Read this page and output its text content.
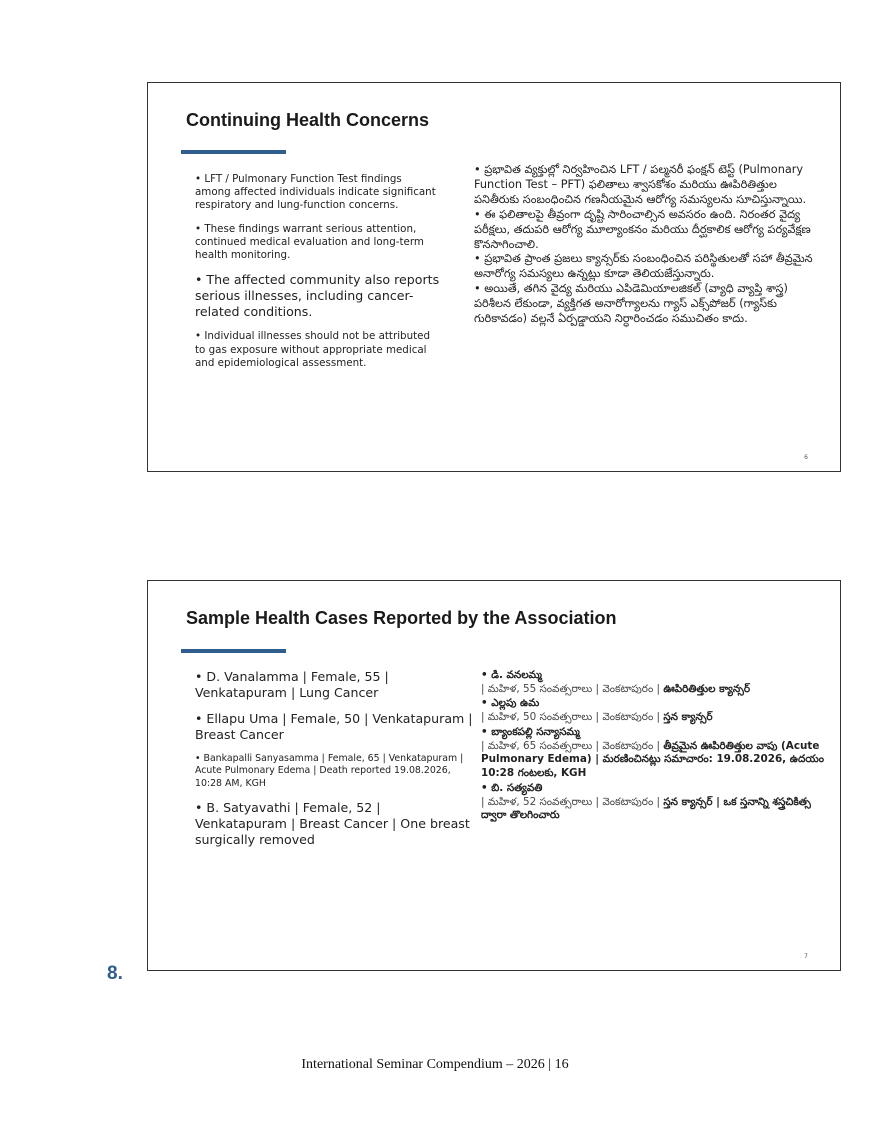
Continuing Health Concerns

• LFT / Pulmonary Function Test findings among affected individuals indicate significant respiratory and lung-function concerns.

• These findings warrant serious attention, continued medical evaluation and long-term health monitoring.

• The affected community also reports serious illnesses, including cancer-related conditions.

• Individual illnesses should not be attributed to gas exposure without appropriate medical and epidemiological assessment.

• ప్రభావిత వ్యక్తుల్లో నిర్వహించిన LFT / పల్మనరీ ఫంక్షన్ టెస్ట్ (Pulmonary Function Test – PFT) ఫలితాలు శ్వాసకోశం మరియు ఊపిరితిత్తుల పనితీరుకు సంబంధించిన గణనీయమైన ఆరోగ్య సమస్యలను సూచిస్తున్నాయి.

• ఈ ఫలితాలపై తీవ్రంగా దృష్టి సారించాల్సిన అవసరం ఉంది. నిరంతర వైద్య పరీక్షలు, తదుపరి ఆరోగ్య మూల్యాంకనం మరియు దీర్ఘకాలిక ఆరోగ్య పర్యవేక్షణ కొనసాగించాలి.

• ప్రభావిత ప్రాంత ప్రజలు క్యాన్సర్‌కు సంబంధించిన పరిస్థితులతో సహా తీవ్రమైన అనారోగ్య సమస్యలు ఉన్నట్లు కూడా తెలియజేస్తున్నారు.

• అయితే, తగిన వైద్య మరియు ఎపిడెమియాలజికల్ (వ్యాధి వ్యాప్తి శాస్త్ర) పరిశీలన లేకుండా, వ్యక్తిగత అనారోగ్యాలను గ్యాస్ ఎక్స్‌పోజర్ (గ్యాస్‌కు గురికావడం) వల్లనే ఏర్పడ్డాయని నిర్ధారించడం సముచితం కాదు.

6
Sample Health Cases Reported by the Association

• D. Vanalamma | Female, 55 | Venkatapuram | Lung Cancer

• Ellapu Uma | Female, 50 | Venkatapuram | Breast Cancer

• Bankapalli Sanyasamma | Female, 65 | Venkatapuram | Acute Pulmonary Edema | Death reported 19.08.2026, 10:28 AM, KGH

• B. Satyavathi | Female, 52 | Venkatapuram | Breast Cancer | One breast surgically removed

• డి. వనలమ్మ
| మహిళ, 55 సంవత్సరాలు | వెంకటాపురం | ఊపిరితిత్తుల క్యాన్సర్
• ఎల్లపు ఉమ
| మహిళ, 50 సంవత్సరాలు | వెంకటాపురం | స్తన క్యాన్సర్
• బ్యాంకపల్లి సన్యాసమ్మ
| మహిళ, 65 సంవత్సరాలు | వెంకటాపురం | తీవ్రమైన ఊపిరితిత్తుల వాపు (Acute Pulmonary Edema) | మరణించినట్లు సమాచారం: 19.08.2026, ఉదయం 10:28 గంటలకు, KGH
• బి. సత్యవతి
| మహిళ, 52 సంవత్సరాలు | వెంకటాపురం | స్తన క్యాన్సర్ | ఒక స్తనాన్ని శస్త్రచికిత్స ద్వారా తొలగించారు
7
8.
International Seminar Compendium – 2026 | 16
